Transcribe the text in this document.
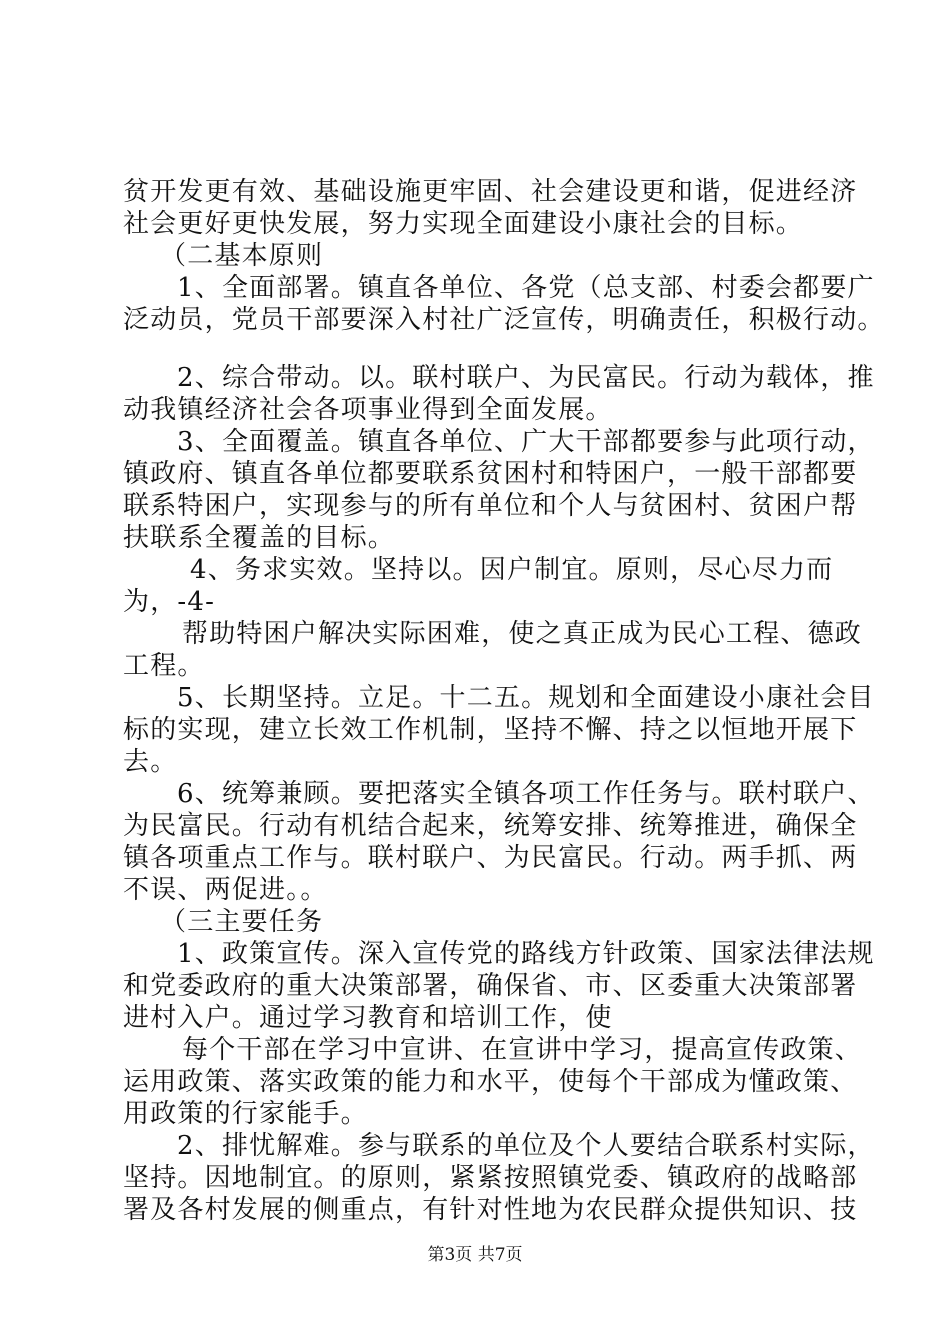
贫开发更有效、基础设施更牢固、社会建设更和谐，促进经济
社会更好更快发展，努力实现全面建设小康社会的目标。
（二基本原则
1、全面部署。镇直各单位、各党（总支部、村委会都要广
泛动员，党员干部要深入村社广泛宣传，明确责任，积极行动。
2、综合带动。以。联村联户、为民富民。行动为载体，推
动我镇经济社会各项事业得到全面发展。
3、全面覆盖。镇直各单位、广大干部都要参与此项行动，
镇政府、镇直各单位都要联系贫困村和特困户，一般干部都要
联系特困户，实现参与的所有单位和个人与贫困村、贫困户帮
扶联系全覆盖的目标。
4、务求实效。坚持以。因户制宜。原则，尽心尽力而
为，-4-
帮助特困户解决实际困难，使之真正成为民心工程、德政
工程。
5、长期坚持。立足。十二五。规划和全面建设小康社会目
标的实现，建立长效工作机制，坚持不懈、持之以恒地开展下
去。
6、统筹兼顾。要把落实全镇各项工作任务与。联村联户、
为民富民。行动有机结合起来，统筹安排、统筹推进，确保全
镇各项重点工作与。联村联户、为民富民。行动。两手抓、两
不误、两促进。。
（三主要任务
1、政策宣传。深入宣传党的路线方针政策、国家法律法规
和党委政府的重大决策部署，确保省、市、区委重大决策部署
进村入户。通过学习教育和培训工作，使
每个干部在学习中宣讲、在宣讲中学习，提高宣传政策、
运用政策、落实政策的能力和水平，使每个干部成为懂政策、
用政策的行家能手。
2、排忧解难。参与联系的单位及个人要结合联系村实际，
坚持。因地制宜。的原则，紧紧按照镇党委、镇政府的战略部
署及各村发展的侧重点，有针对性地为农民群众提供知识、技
第3页 共7页
